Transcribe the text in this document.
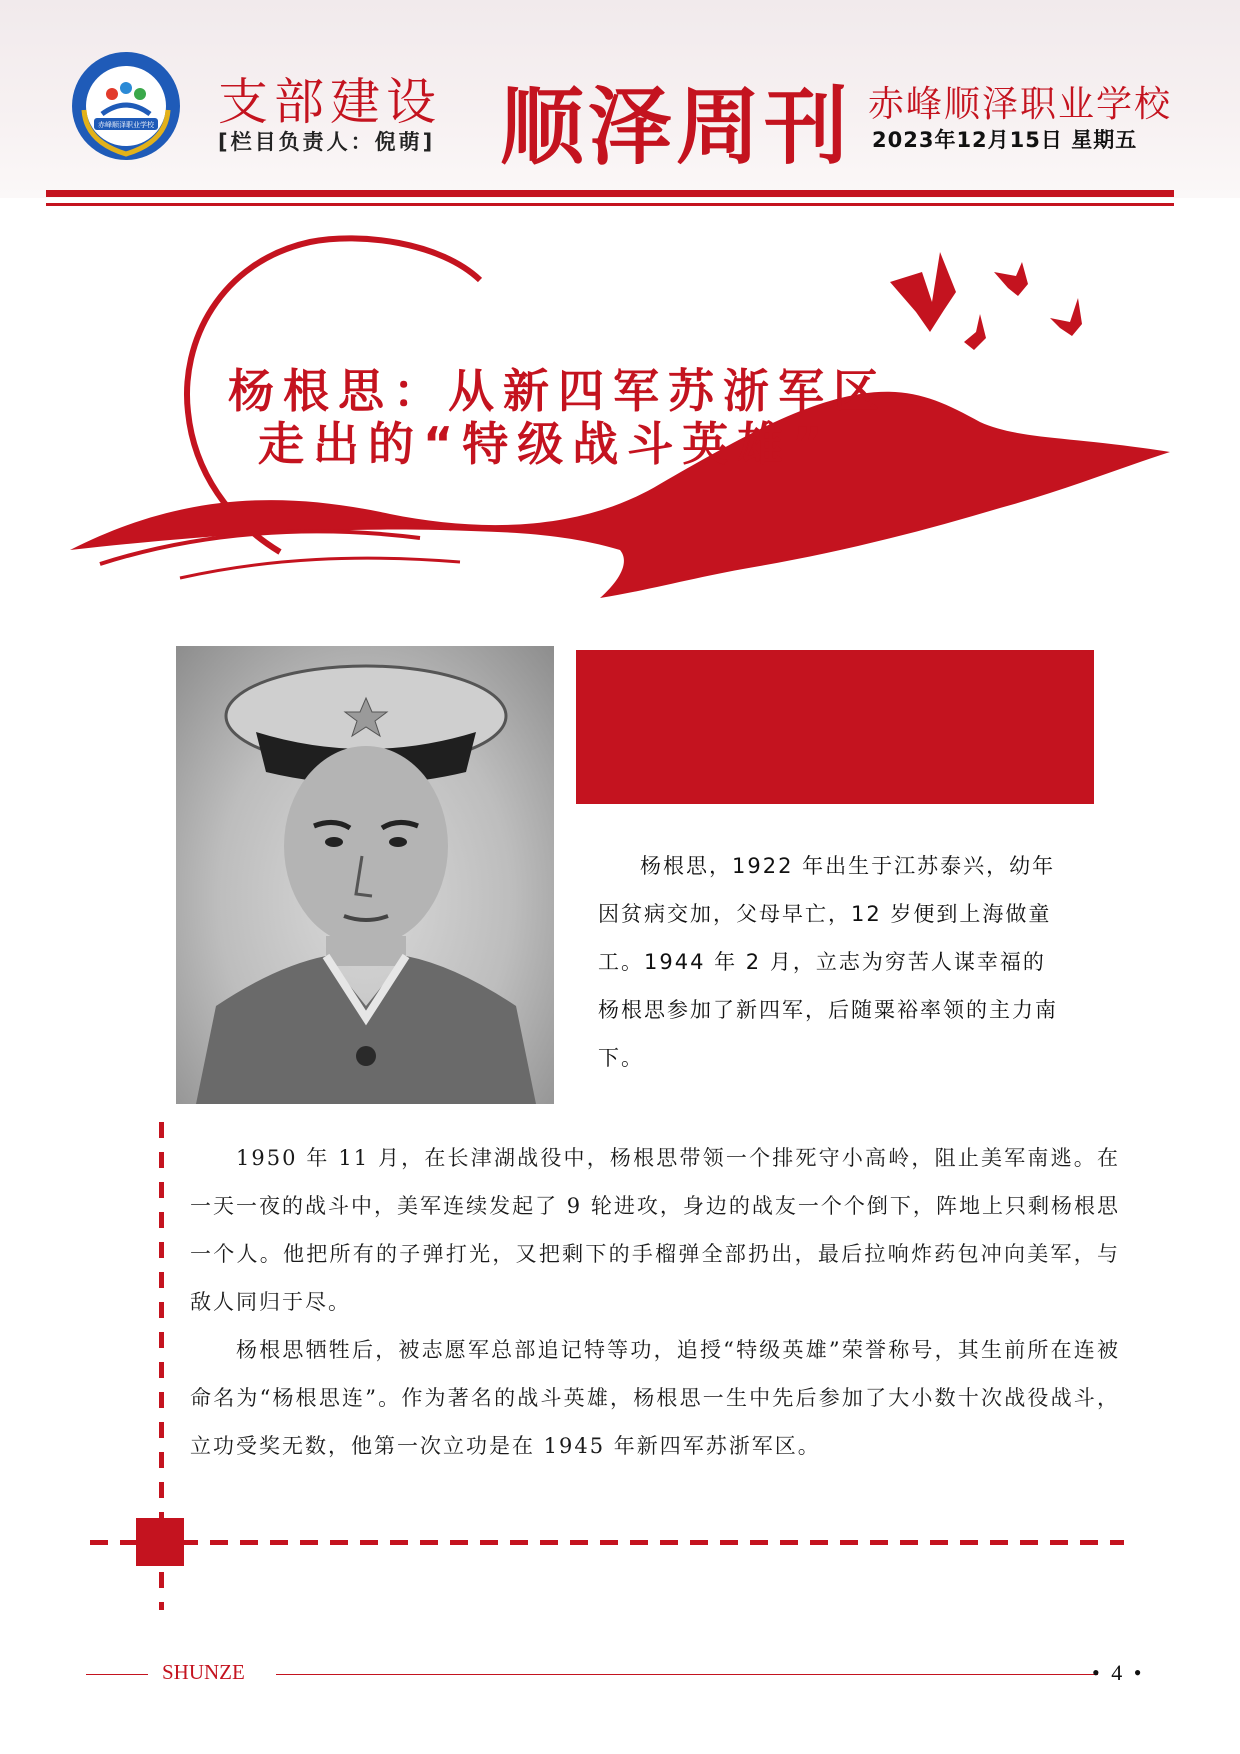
赤峰顺泽职业学校 支部建设
[栏目负责人：倪萌] 顺泽周刊 赤峰顺泽职业学校
2023年12月15日 星期五
杨根思：从新四军苏浙军区
走出的“特级战斗英雄”

杨根思，1922 年出生于江苏泰兴，幼年因贫病交加，父母早亡，12 岁便到上海做童工。1944 年 2 月，立志为穷苦人谋幸福的杨根思参加了新四军，后随粟裕率领的主力南下。

1950 年 11 月，在长津湖战役中，杨根思带领一个排死守小高岭，阻止美军南逃。在一天一夜的战斗中，美军连续发起了 9 轮进攻，身边的战友一个个倒下，阵地上只剩杨根思一个人。他把所有的子弹打光，又把剩下的手榴弹全部扔出，最后拉响炸药包冲向美军，与敌人同归于尽。

杨根思牺牲后，被志愿军总部追记特等功，追授“特级英雄”荣誉称号，其生前所在连被命名为“杨根思连”。作为著名的战斗英雄，杨根思一生中先后参加了大小数十次战役战斗，立功受奖无数，他第一次立功是在 1945 年新四军苏浙军区。

SHUNZE	• 4 •
